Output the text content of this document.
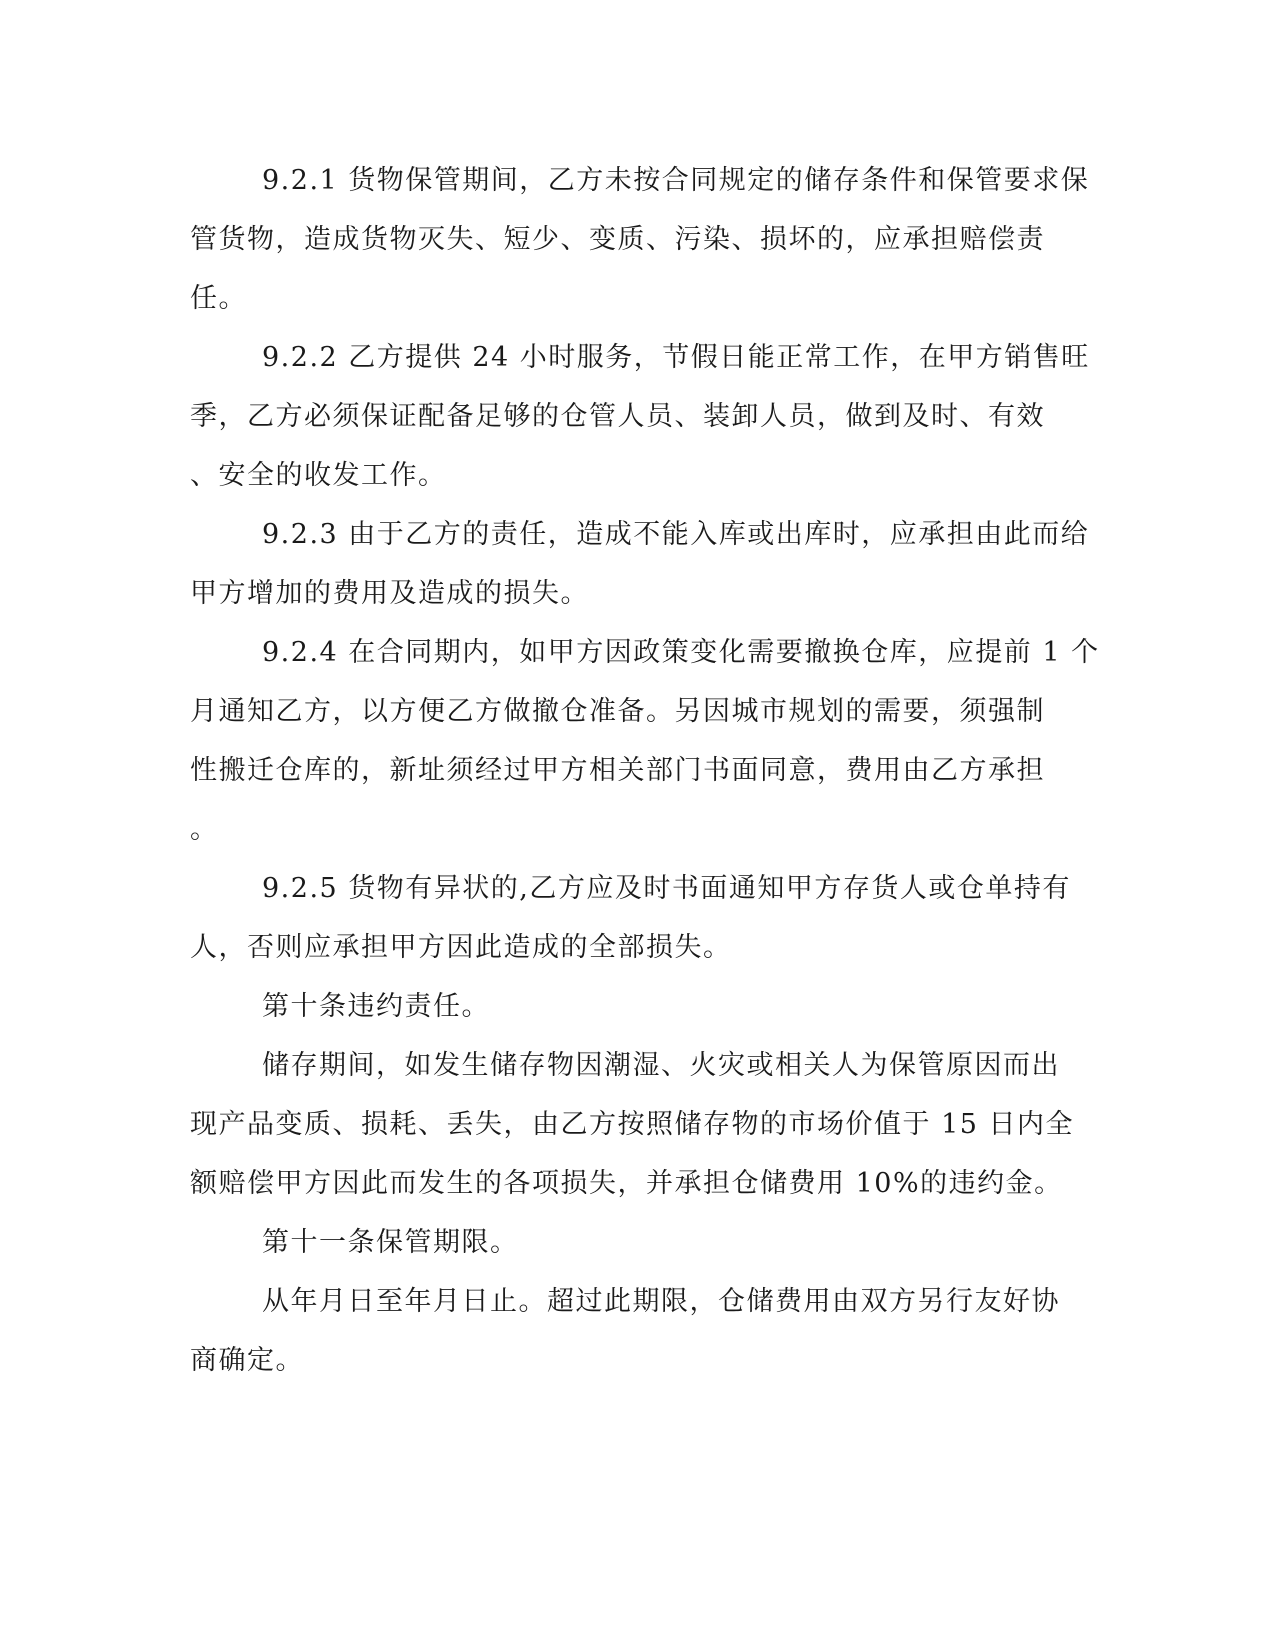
9.2.1 货物保管期间，乙方未按合同规定的储存条件和保管要求保
管货物，造成货物灭失、短少、变质、污染、损坏的，应承担赔偿责
任。
9.2.2 乙方提供 24 小时服务，节假日能正常工作，在甲方销售旺
季，乙方必须保证配备足够的仓管人员、装卸人员，做到及时、有效
、安全的收发工作。
9.2.3 由于乙方的责任，造成不能入库或出库时，应承担由此而给
甲方增加的费用及造成的损失。
9.2.4 在合同期内，如甲方因政策变化需要撤换仓库，应提前 1 个
月通知乙方，以方便乙方做撤仓准备。另因城市规划的需要，须强制
性搬迁仓库的，新址须经过甲方相关部门书面同意，费用由乙方承担
。
9.2.5 货物有异状的,乙方应及时书面通知甲方存货人或仓单持有
人，否则应承担甲方因此造成的全部损失。
第十条违约责任。
储存期间，如发生储存物因潮湿、火灾或相关人为保管原因而出
现产品变质、损耗、丢失，由乙方按照储存物的市场价值于 15 日内全
额赔偿甲方因此而发生的各项损失，并承担仓储费用 10%的违约金。
第十一条保管期限。
从年月日至年月日止。超过此期限，仓储费用由双方另行友好协
商确定。
